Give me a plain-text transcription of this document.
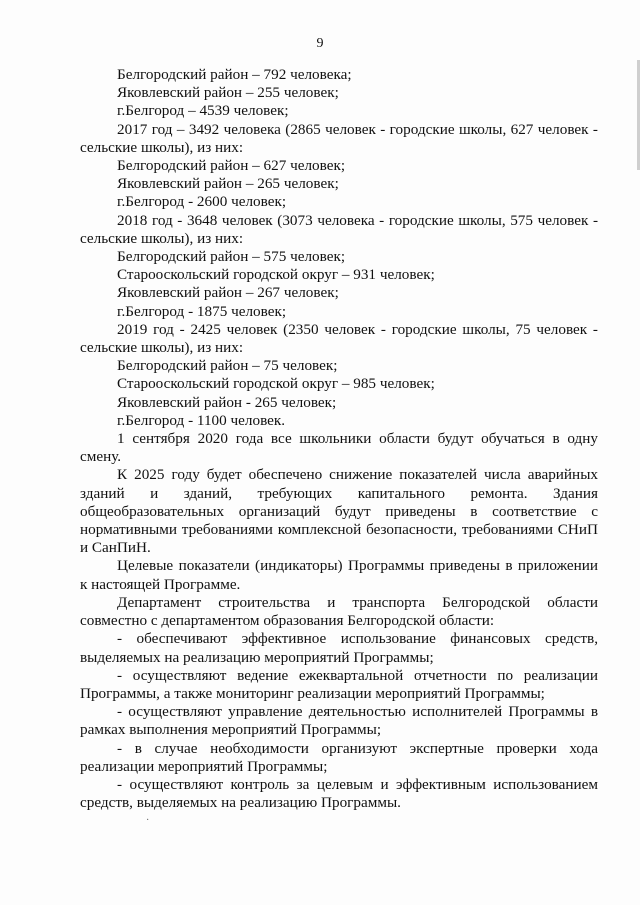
9

Белгородский район – 792 человека;

Яковлевский район – 255 человек;

г.Белгород – 4539 человек;

2017 год – 3492 человека (2865 человек - городские школы, 627 человек - сельские школы), из них:

Белгородский район – 627 человек;

Яковлевский район – 265 человек;

г.Белгород - 2600 человек;

2018 год - 3648 человек (3073 человека - городские школы, 575 человек - сельские школы), из них:

Белгородский район – 575 человек;

Старооскольский городской округ – 931 человек;

Яковлевский район – 267 человек;

г.Белгород - 1875 человек;

2019 год - 2425 человек (2350 человек - городские школы, 75 человек - сельские школы), из них:

Белгородский район – 75 человек;

Старооскольский городской округ – 985 человек;

Яковлевский район - 265 человек;

г.Белгород - 1100 человек.

1 сентября 2020 года все школьники области будут обучаться в одну смену.

К 2025 году будет обеспечено снижение показателей числа аварийных зданий и зданий, требующих капитального ремонта. Здания общеобразовательных организаций будут приведены в соответствие с нормативными требованиями комплексной безопасности, требованиями СНиП и СанПиН.

Целевые показатели (индикаторы) Программы приведены в приложении к настоящей Программе.

Департамент строительства и транспорта Белгородской области совместно с департаментом образования Белгородской области:

- обеспечивают эффективное использование финансовых средств, выделяемых на реализацию мероприятий Программы;

- осуществляют ведение ежеквартальной отчетности по реализации Программы, а также мониторинг реализации мероприятий Программы;

- осуществляют управление деятельностью исполнителей Программы в рамках выполнения мероприятий Программы;

- в случае необходимости организуют экспертные проверки хода реализации мероприятий Программы;

- осуществляют контроль за целевым и эффективным использованием средств, выделяемых на реализацию Программы.

·
